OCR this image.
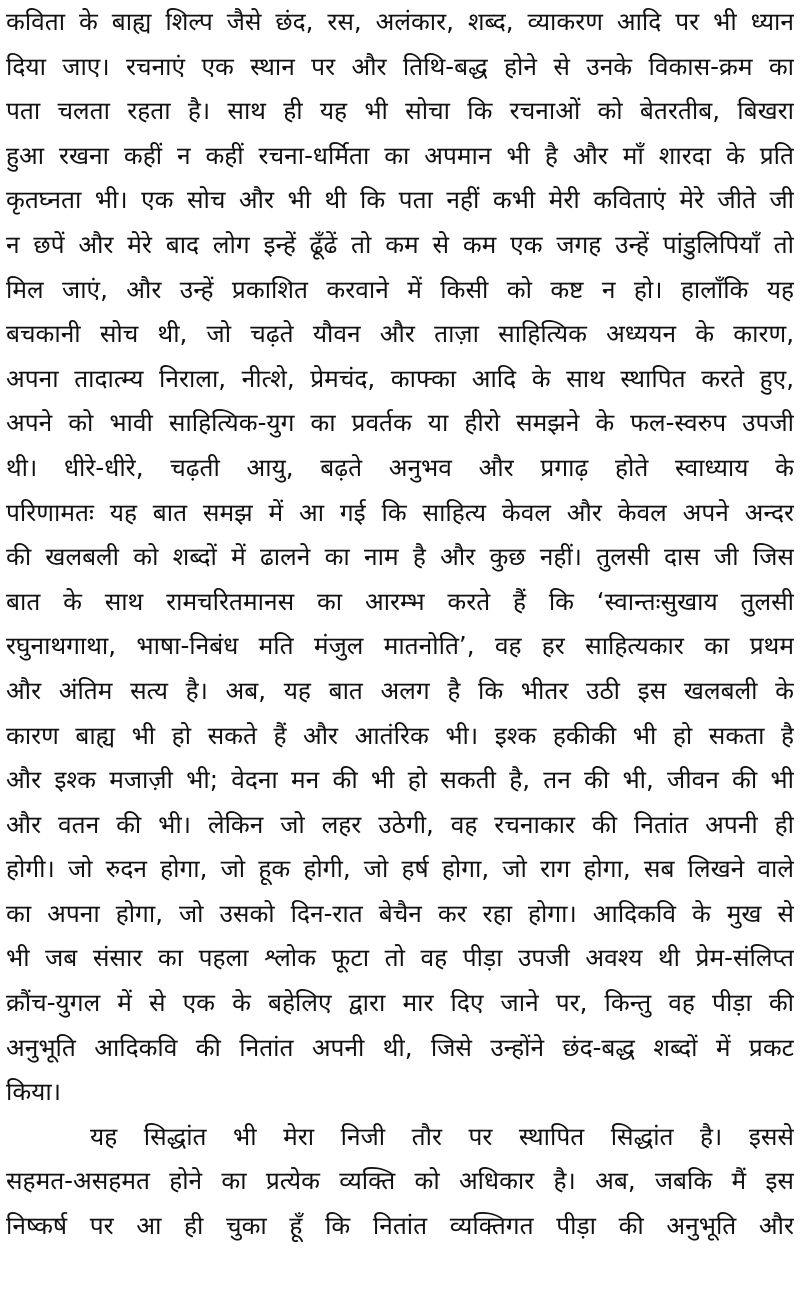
कविता के बाह्य शिल्प जैसे छंद, रस, अलंकार, शब्द, व्याकरण आदि पर भी ध्यान
दिया जाए। रचनाएं एक स्थान पर और तिथि-बद्ध होने से उनके विकास-क्रम का
पता चलता रहता है। साथ ही यह भी सोचा कि रचनाओं को बेतरतीब, बिखरा
हुआ रखना कहीं न कहीं रचना-धर्मिता का अपमान भी है और माँ शारदा के प्रति
कृतघ्नता भी। एक सोच और भी थी कि पता नहीं कभी मेरी कविताएं मेरे जीते जी
न छपें और मेरे बाद लोग इन्हें ढूँढें तो कम से कम एक जगह उन्हें पांडुलिपियाँ तो
मिल जाएं, और उन्हें प्रकाशित करवाने में किसी को कष्ट न हो। हालाँकि यह
बचकानी सोच थी, जो चढ़ते यौवन और ताज़ा साहित्यिक अध्ययन के कारण,
अपना तादात्म्य निराला, नीत्शे, प्रेमचंद, काफ्का आदि के साथ स्थापित करते हुए,
अपने को भावी साहित्यिक-युग का प्रवर्तक या हीरो समझने के फल-स्वरुप उपजी
थी। धीरे-धीरे, चढ़ती आयु, बढ़ते अनुभव और प्रगाढ़ होते स्वाध्याय के
परिणामतः यह बात समझ में आ गई कि साहित्य केवल और केवल अपने अन्दर
की खलबली को शब्दों में ढालने का नाम है और कुछ नहीं। तुलसी दास जी जिस
बात के साथ रामचरितमानस का आरम्भ करते हैं कि ‘स्वान्तःसुखाय तुलसी
रघुनाथगाथा, भाषा-निबंध मति मंजुल मातनोति’, वह हर साहित्यकार का प्रथम
और अंतिम सत्य है। अब, यह बात अलग है कि भीतर उठी इस खलबली के
कारण बाह्य भी हो सकते हैं और आतंरिक भी। इश्क हकीकी भी हो सकता है
और इश्क मजाज़ी भी; वेदना मन की भी हो सकती है, तन की भी, जीवन की भी
और वतन की भी। लेकिन जो लहर उठेगी, वह रचनाकार की नितांत अपनी ही
होगी। जो रुदन होगा, जो हूक होगी, जो हर्ष होगा, जो राग होगा, सब लिखने वाले
का अपना होगा, जो उसको दिन-रात बेचैन कर रहा होगा। आदिकवि के मुख से
भी जब संसार का पहला श्लोक फूटा तो वह पीड़ा उपजी अवश्य थी प्रेम-संलिप्त
क्रौंच-युगल में से एक के बहेलिए द्वारा मार दिए जाने पर, किन्तु वह पीड़ा की
अनुभूति आदिकवि की नितांत अपनी थी, जिसे उन्होंने छंद-बद्ध शब्दों में प्रकट
किया।
यह सिद्धांत भी मेरा निजी तौर पर स्थापित सिद्धांत है। इससे
सहमत-असहमत होने का प्रत्येक व्यक्ति को अधिकार है। अब, जबकि मैं इस
निष्कर्ष पर आ ही चुका हूँ कि नितांत व्यक्तिगत पीड़ा की अनुभूति और
